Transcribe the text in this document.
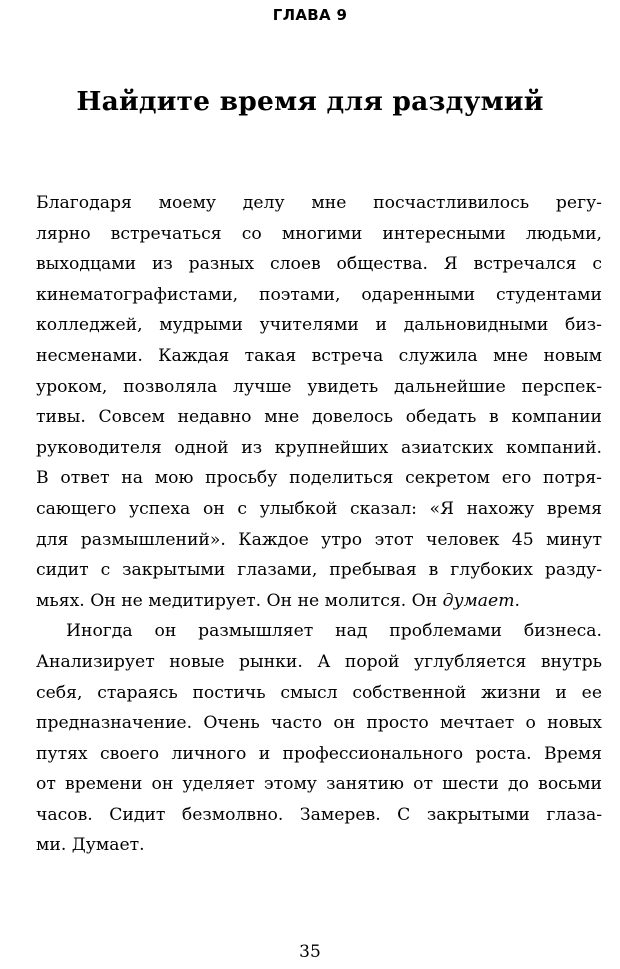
ГЛАВА 9
Найдите время для раздумий
Благодаря моему делу мне посчастливилось регу-
лярно встречаться со многими интересными людьми,
выходцами из разных слоев общества. Я встречался с
кинематографистами, поэтами, одаренными студентами
колледжей, мудрыми учителями и дальновидными биз-
несменами. Каждая такая встреча служила мне новым
уроком, позволяла лучше увидеть дальнейшие перспек-
тивы. Совсем недавно мне довелось обедать в компании
руководителя одной из крупнейших азиатских компаний.
В ответ на мою просьбу поделиться секретом его потря-
сающего успеха он с улыбкой сказал: «Я нахожу время
для размышлений». Каждое утро этот человек 45 минут
сидит с закрытыми глазами, пребывая в глубоких разду-
мьях. Он не медитирует. Он не молится. Он думает.
Иногда он размышляет над проблемами бизнеса.
Анализирует новые рынки. А порой углубляется внутрь
себя, стараясь постичь смысл собственной жизни и ее
предназначение. Очень часто он просто мечтает о новых
путях своего личного и профессионального роста. Время
от времени он уделяет этому занятию от шести до восьми
часов. Сидит безмолвно. Замерев. С закрытыми глаза-
ми. Думает.
35
